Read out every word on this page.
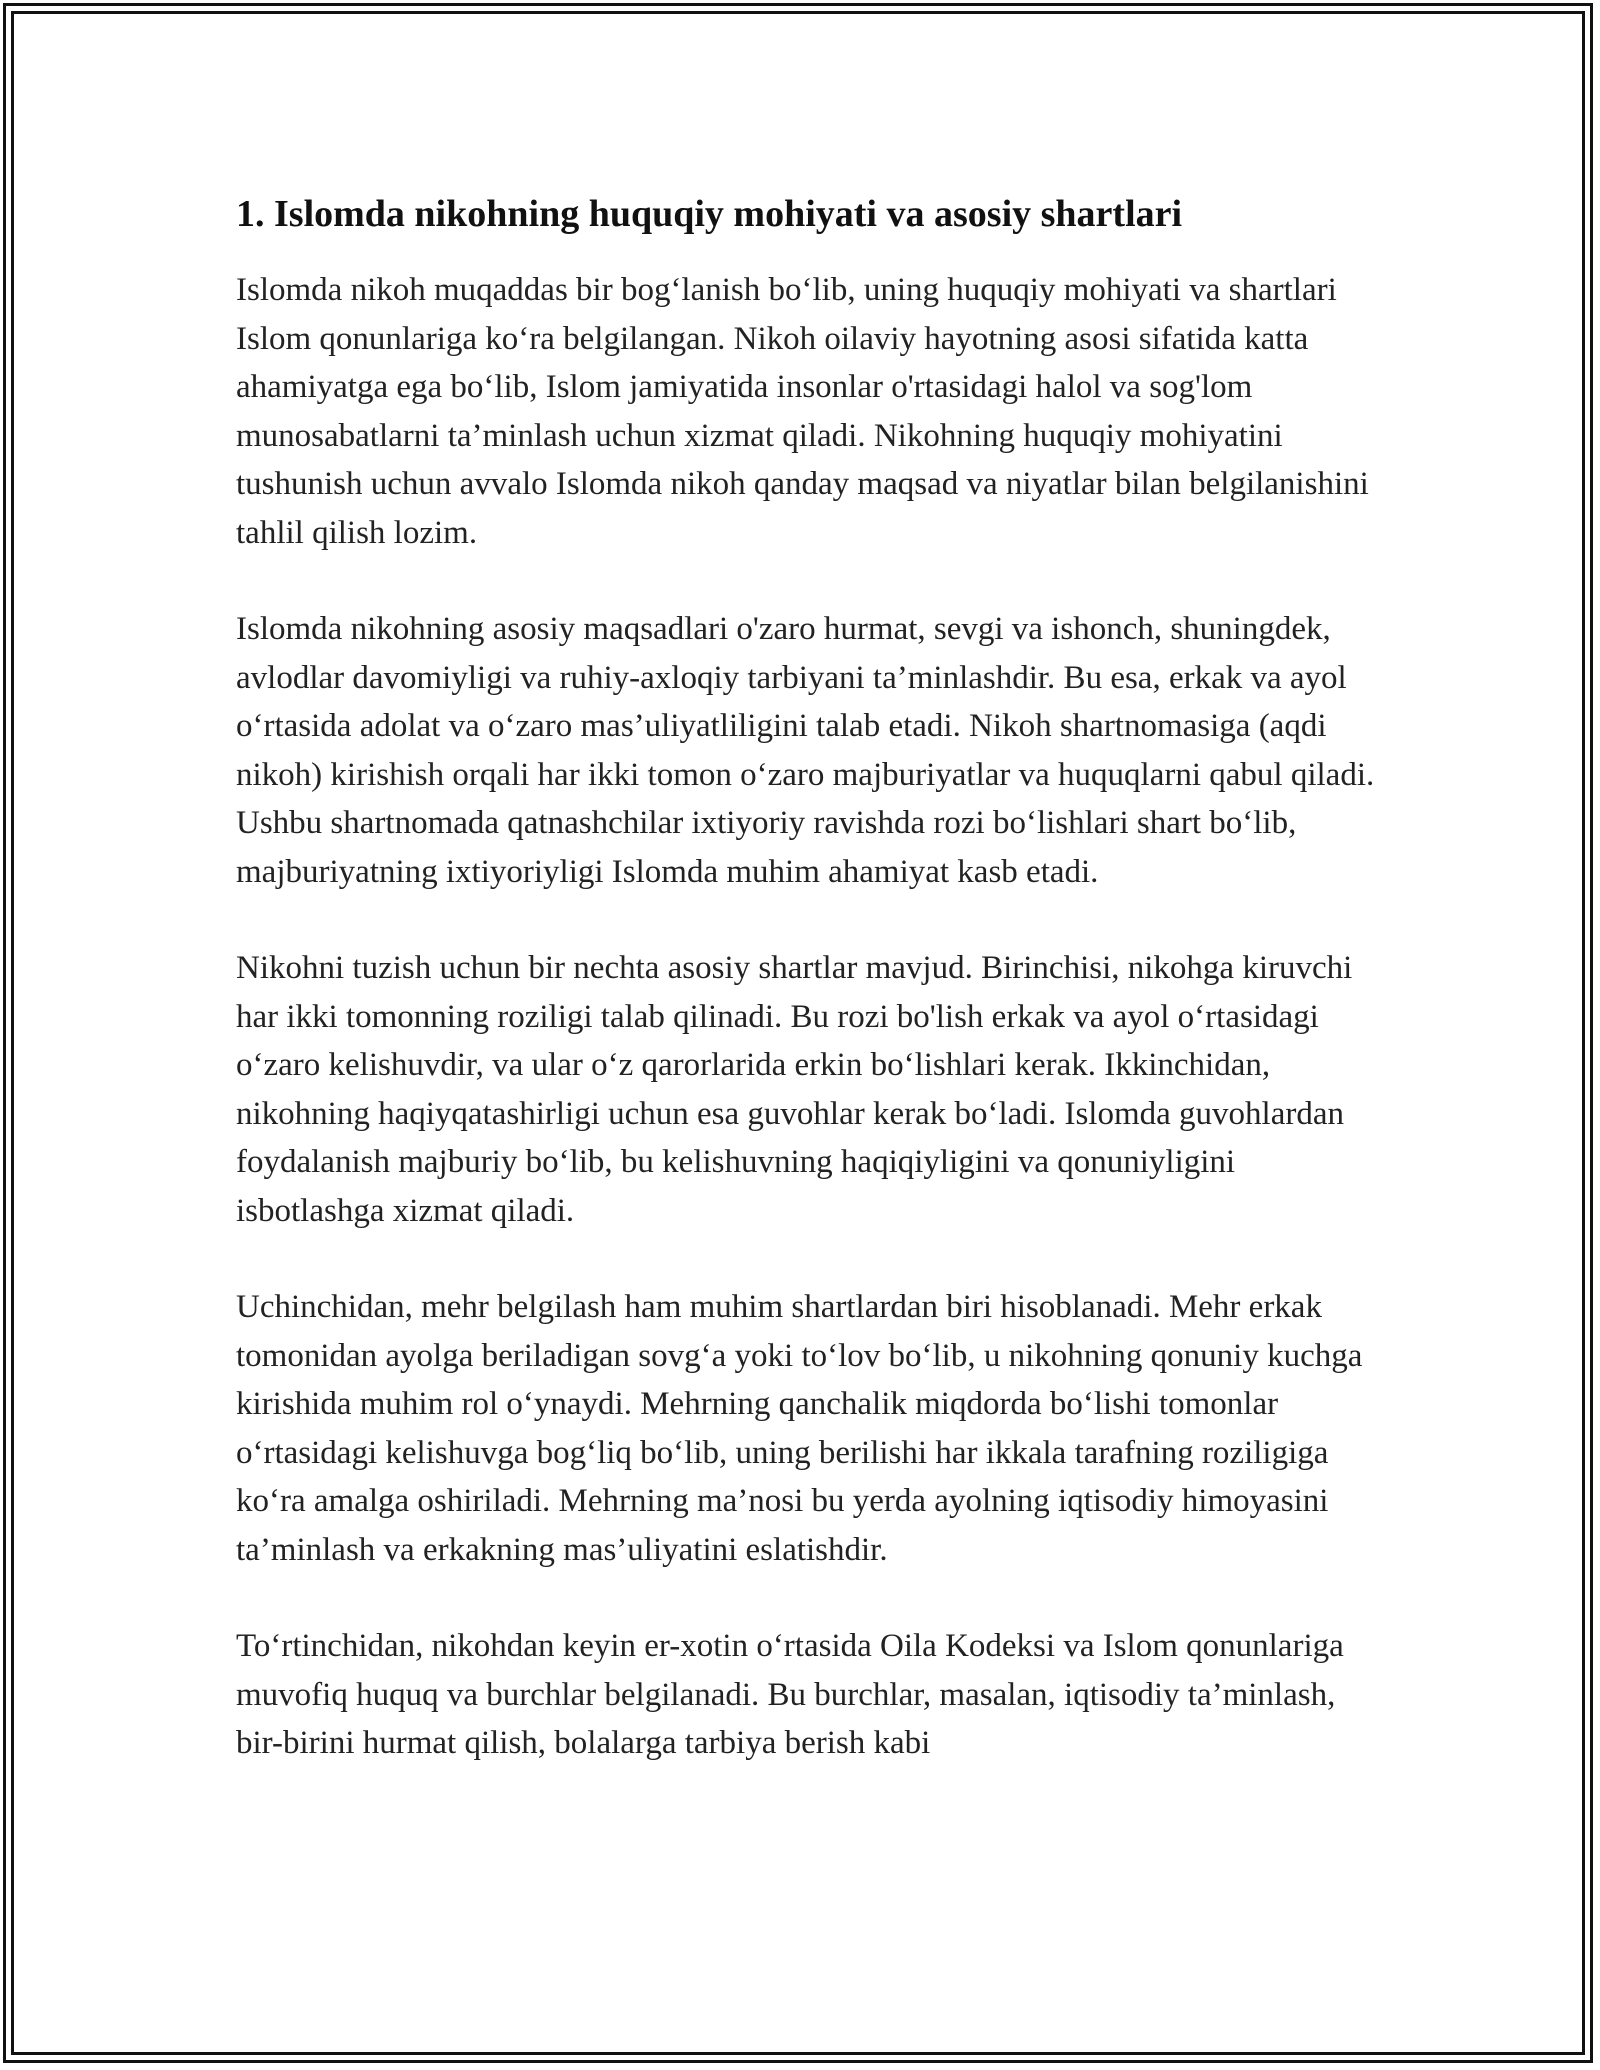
1. Islomda nikohning huquqiy mohiyati va asosiy shartlari

Islomda nikoh muqaddas bir bog‘lanish bo‘lib, uning huquqiy mohiyati va shartlari Islom qonunlariga ko‘ra belgilangan. Nikoh oilaviy hayotning asosi sifatida katta ahamiyatga ega bo‘lib, Islom jamiyatida insonlar o'rtasidagi halol va sog'lom munosabatlarni ta’minlash uchun xizmat qiladi. Nikohning huquqiy mohiyatini tushunish uchun avvalo Islomda nikoh qanday maqsad va niyatlar bilan belgilanishini tahlil qilish lozim.

Islomda nikohning asosiy maqsadlari o'zaro hurmat, sevgi va ishonch, shuningdek, avlodlar davomiyligi va ruhiy-axloqiy tarbiyani ta’minlashdir. Bu esa, erkak va ayol o‘rtasida adolat va o‘zaro mas’uliyatliligini talab etadi. Nikoh shartnomasiga (aqdi nikoh) kirishish orqali har ikki tomon o‘zaro majburiyatlar va huquqlarni qabul qiladi. Ushbu shartnomada qatnashchilar ixtiyoriy ravishda rozi bo‘lishlari shart bo‘lib, majburiyatning ixtiyoriyligi Islomda muhim ahamiyat kasb etadi.

Nikohni tuzish uchun bir nechta asosiy shartlar mavjud. Birinchisi, nikohga kiruvchi har ikki tomonning roziligi talab qilinadi. Bu rozi bo'lish erkak va ayol o‘rtasidagi o‘zaro kelishuvdir, va ular o‘z qarorlarida erkin bo‘lishlari kerak. Ikkinchidan, nikohning haqiyqatashirligi uchun esa guvohlar kerak bo‘ladi. Islomda guvohlardan foydalanish majburiy bo‘lib, bu kelishuvning haqiqiyligini va qonuniyligini isbotlashga xizmat qiladi.

Uchinchidan, mehr belgilash ham muhim shartlardan biri hisoblanadi. Mehr erkak tomonidan ayolga beriladigan sovg‘a yoki to‘lov bo‘lib, u nikohning qonuniy kuchga kirishida muhim rol o‘ynaydi. Mehrning qanchalik miqdorda bo‘lishi tomonlar o‘rtasidagi kelishuvga bog‘liq bo‘lib, uning berilishi har ikkala tarafning roziligiga ko‘ra amalga oshiriladi. Mehrning ma’nosi bu yerda ayolning iqtisodiy himoyasini ta’minlash va erkakning mas’uliyatini eslatishdir.

To‘rtinchidan, nikohdan keyin er-xotin o‘rtasida Oila Kodeksi va Islom qonunlariga muvofiq huquq va burchlar belgilanadi. Bu burchlar, masalan, iqtisodiy ta’minlash, bir-birini hurmat qilish, bolalarga tarbiya berish kabi
